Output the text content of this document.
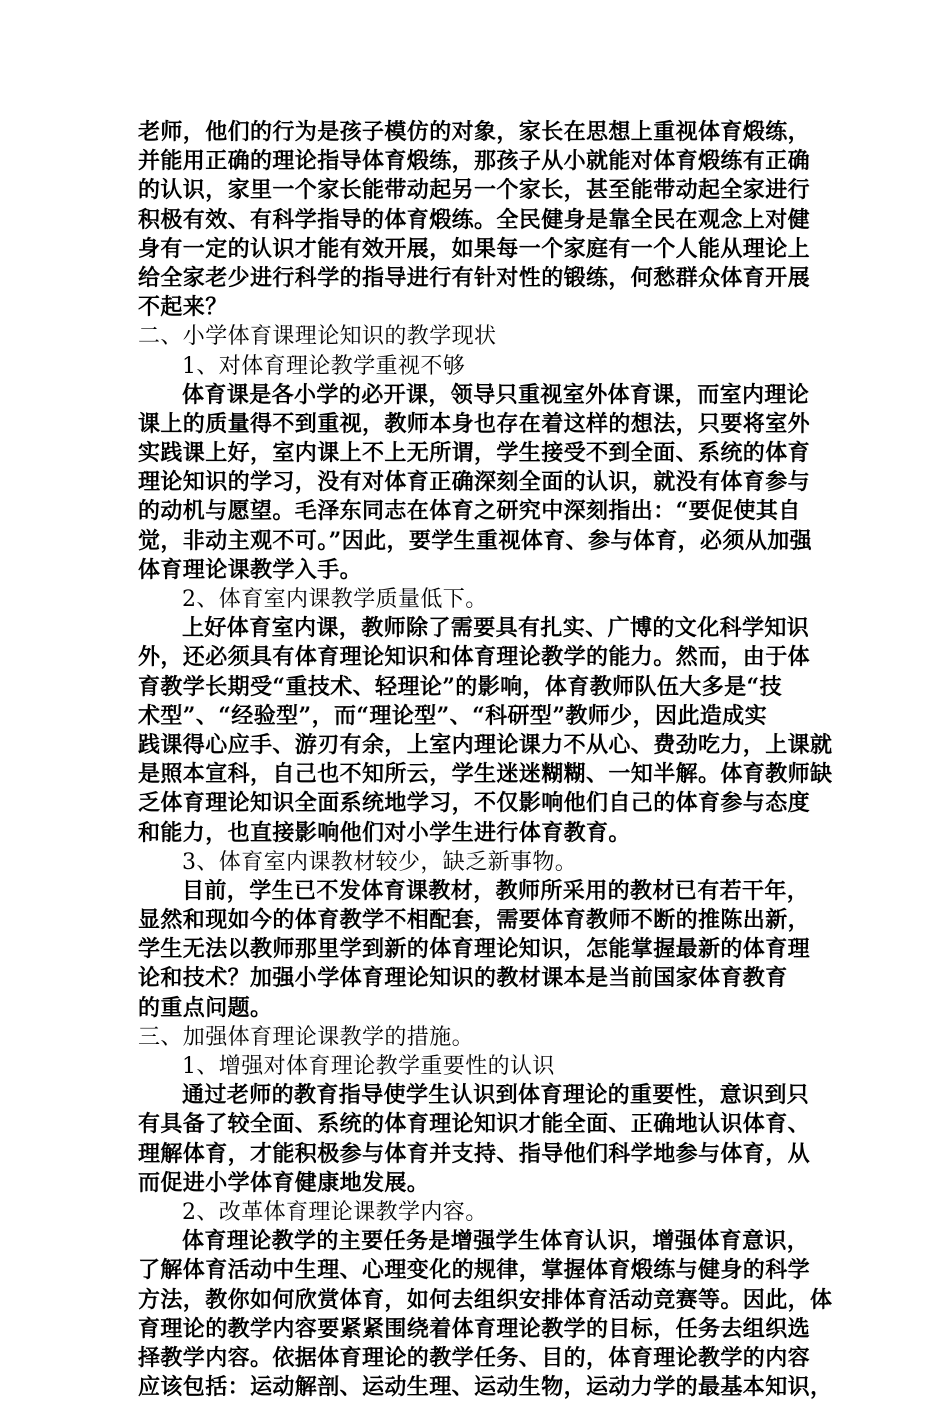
老师，他们的行为是孩子模仿的对象，家长在思想上重视体育煅练，
并能用正确的理论指导体育煅练，那孩子从小就能对体育煅练有正确
的认识，家里一个家长能带动起另一个家长，甚至能带动起全家进行
积极有效、有科学指导的体育煅练。全民健身是靠全民在观念上对健
身有一定的认识才能有效开展，如果每一个家庭有一个人能从理论上
给全家老少进行科学的指导进行有针对性的锻练，何愁群众体育开展
不起来？
二、小学体育课理论知识的教学现状
1、对体育理论教学重视不够
体育课是各小学的必开课，领导只重视室外体育课，而室内理论
课上的质量得不到重视，教师本身也存在着这样的想法，只要将室外
实践课上好，室内课上不上无所谓，学生接受不到全面、系统的体育
理论知识的学习，没有对体育正确深刻全面的认识，就没有体育参与
的动机与愿望。毛泽东同志在体育之研究中深刻指出：“要促使其自
觉，非动主观不可。”因此，要学生重视体育、参与体育，必须从加强
体育理论课教学入手。
2、体育室内课教学质量低下。
上好体育室内课，教师除了需要具有扎实、广博的文化科学知识
外，还必须具有体育理论知识和体育理论教学的能力。然而，由于体
育教学长期受“重技术、轻理论”的影响，体育教师队伍大多是“技
术型”、“经验型”，而“理论型”、“科研型”教师少，因此造成实
践课得心应手、游刃有余，上室内理论课力不从心、费劲吃力，上课就
是照本宣科，自己也不知所云，学生迷迷糊糊、一知半解。体育教师缺
乏体育理论知识全面系统地学习，不仅影响他们自己的体育参与态度
和能力，也直接影响他们对小学生进行体育教育。
3、体育室内课教材较少，缺乏新事物。
目前，学生已不发体育课教材，教师所采用的教材已有若干年，
显然和现如今的体育教学不相配套，需要体育教师不断的推陈出新，
学生无法以教师那里学到新的体育理论知识，怎能掌握最新的体育理
论和技术？加强小学体育理论知识的教材课本是当前国家体育教育
的重点问题。
三、加强体育理论课教学的措施。
1、增强对体育理论教学重要性的认识
通过老师的教育指导使学生认识到体育理论的重要性，意识到只
有具备了较全面、系统的体育理论知识才能全面、正确地认识体育、
理解体育，才能积极参与体育并支持、指导他们科学地参与体育，从
而促进小学体育健康地发展。
2、改革体育理论课教学内容。
体育理论教学的主要任务是增强学生体育认识，增强体育意识，
了解体育活动中生理、心理变化的规律，掌握体育煅练与健身的科学
方法，教你如何欣赏体育，如何去组织安排体育活动竞赛等。因此，体
育理论的教学内容要紧紧围绕着体育理论教学的目标，任务去组织选
择教学内容。依据体育理论的教学任务、目的，体育理论教学的内容
应该包括：运动解剖、运动生理、运动生物，运动力学的最基本知识，
